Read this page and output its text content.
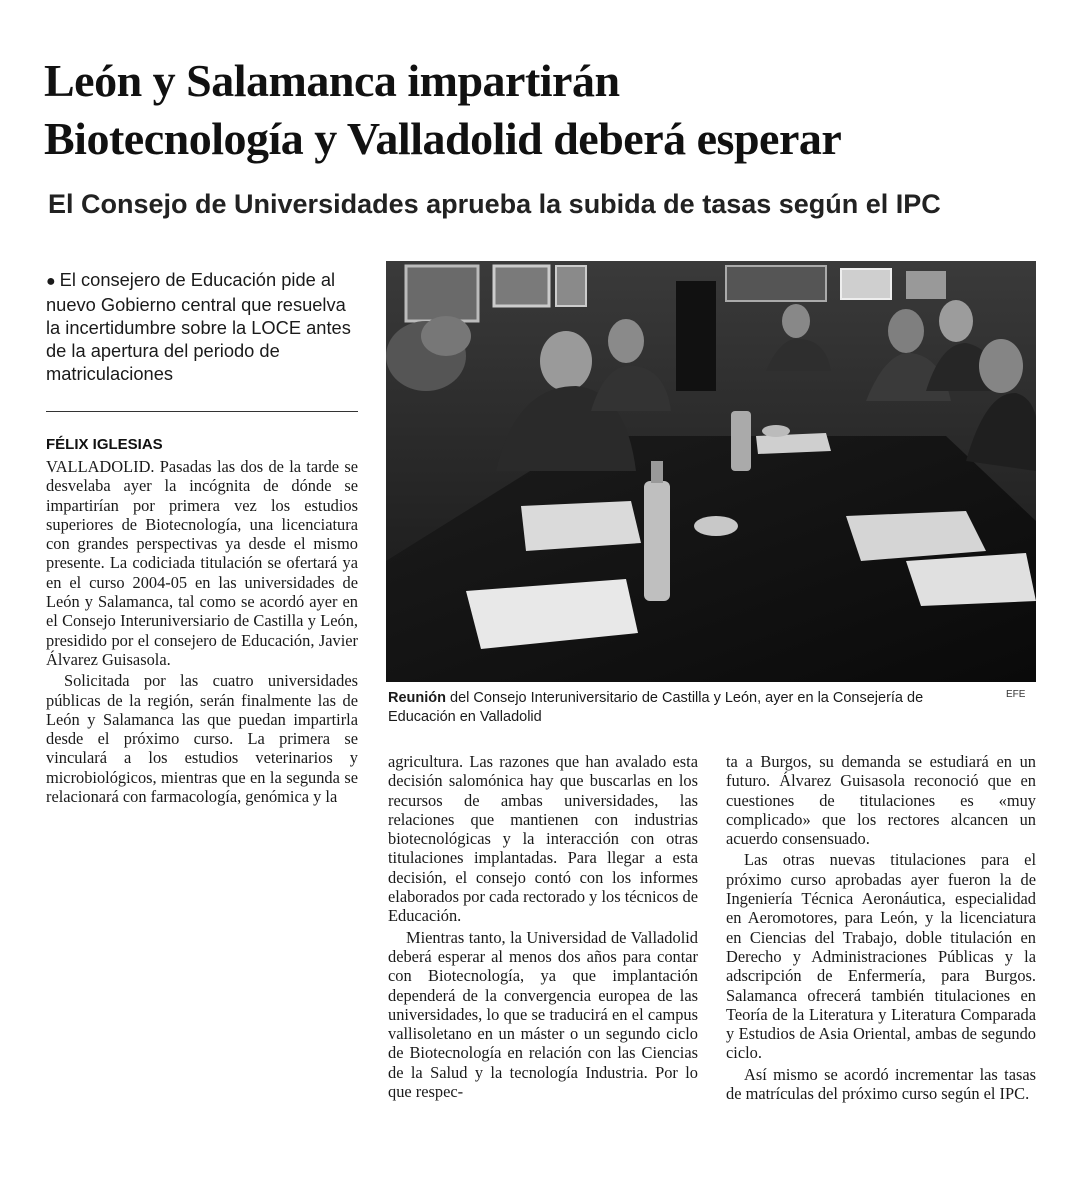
León y Salamanca impartirán
Biotecnología y Valladolid deberá esperar
El Consejo de Universidades aprueba la subida de tasas según el IPC
● El consejero de Educación pide al nuevo Gobierno central que resuelva la incertidumbre sobre la LOCE antes de la apertura del periodo de matriculaciones
FÉLIX IGLESIAS

VALLADOLID. Pasadas las dos de la tarde se desvelaba ayer la incógnita de dónde se impartirían por primera vez los estudios superiores de Biotecnología, una licenciatura con grandes perspectivas ya desde el mismo presente. La codiciada titulación se ofertará ya en el curso 2004-05 en las universidades de León y Salamanca, tal como se acordó ayer en el Consejo Interuniversiario de Castilla y León, presidido por el consejero de Educación, Javier Álvarez Guisasola.

Solicitada por las cuatro universidades públicas de la región, serán finalmente las de León y Salamanca las que puedan impartirla desde el próximo curso. La primera se vinculará a los estudios veterinarios y microbiológicos, mientras que en la segunda se relacionará con farmacología, genómica y la

Reunión del Consejo Interuniversitario de Castilla y León, ayer en la Consejería de Educación en Valladolid
EFE

agricultura. Las razones que han avalado esta decisión salomónica hay que buscarlas en los recursos de ambas universidades, las relaciones que mantienen con industrias biotecnológicas y la interacción con otras titulaciones implantadas. Para llegar a esta decisión, el consejo contó con los informes elaborados por cada rectorado y los técnicos de Educación.

Mientras tanto, la Universidad de Valladolid deberá esperar al menos dos años para contar con Biotecnología, ya que implantación dependerá de la convergencia europea de las universidades, lo que se traducirá en el campus vallisoletano en un máster o un segundo ciclo de Biotecnología en relación con las Ciencias de la Salud y la tecnología Industria. Por lo que respec-

ta a Burgos, su demanda se estudiará en un futuro. Álvarez Guisasola reconoció que en cuestiones de titulaciones es «muy complicado» que los rectores alcancen un acuerdo consensuado.

Las otras nuevas titulaciones para el próximo curso aprobadas ayer fueron la de Ingeniería Técnica Aeronáutica, especialidad en Aeromotores, para León, y la licenciatura en Ciencias del Trabajo, doble titulación en Derecho y Administraciones Públicas y la adscripción de Enfermería, para Burgos. Salamanca ofrecerá también titulaciones en Teoría de la Literatura y Literatura Comparada y Estudios de Asia Oriental, ambas de segundo ciclo.

Así mismo se acordó incrementar las tasas de matrículas del próximo curso según el IPC.
